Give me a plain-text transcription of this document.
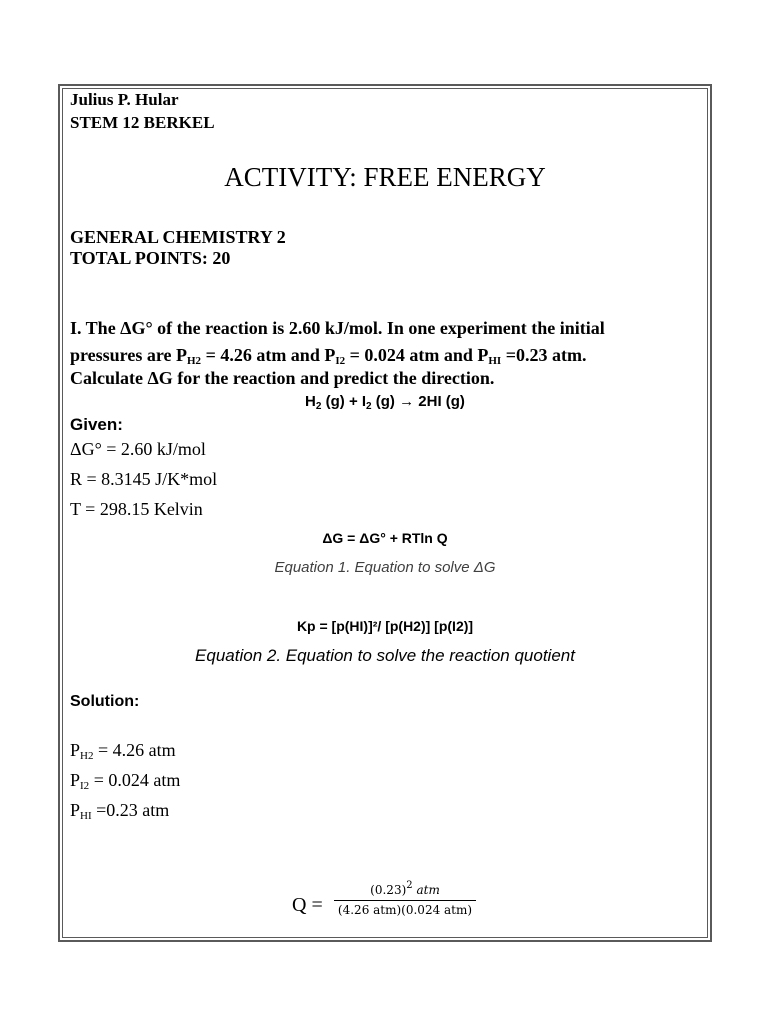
Julius P. Hular
STEM 12 BERKEL
ACTIVITY: FREE ENERGY
GENERAL CHEMISTRY 2
TOTAL POINTS: 20
I. The ΔG° of the reaction is 2.60 kJ/mol. In one experiment the initial
pressures are $P_{H2} = 4.26$ atm and $P_{I2} = 0.024$ atm and $P_{HI} =0.23$ atm.
Calculate ΔG for the reaction and predict the direction.
$H_2$ $(g) + I_2$ (g) → 2HI (g)
Given:
ΔG° = 2.60 kJ/mol
R = 8.3145 J/K*mol
T = 298.15 Kelvin
ΔG = ΔG° + RTln Q
Equation 1. Equation to solve ΔG
Kp = [p(HI)]²/ [p(H2)] [p(I2)]
Equation 2. Equation to solve the reaction quotient
Solution:
$P_{H2} = 4.26$ atm
$P_{I2} = 0.024$ atm
$P_{HI} =0.23$ atm
Q =
$(0.23)^2$ atm
(4.26 atm)(0.024 atm)
